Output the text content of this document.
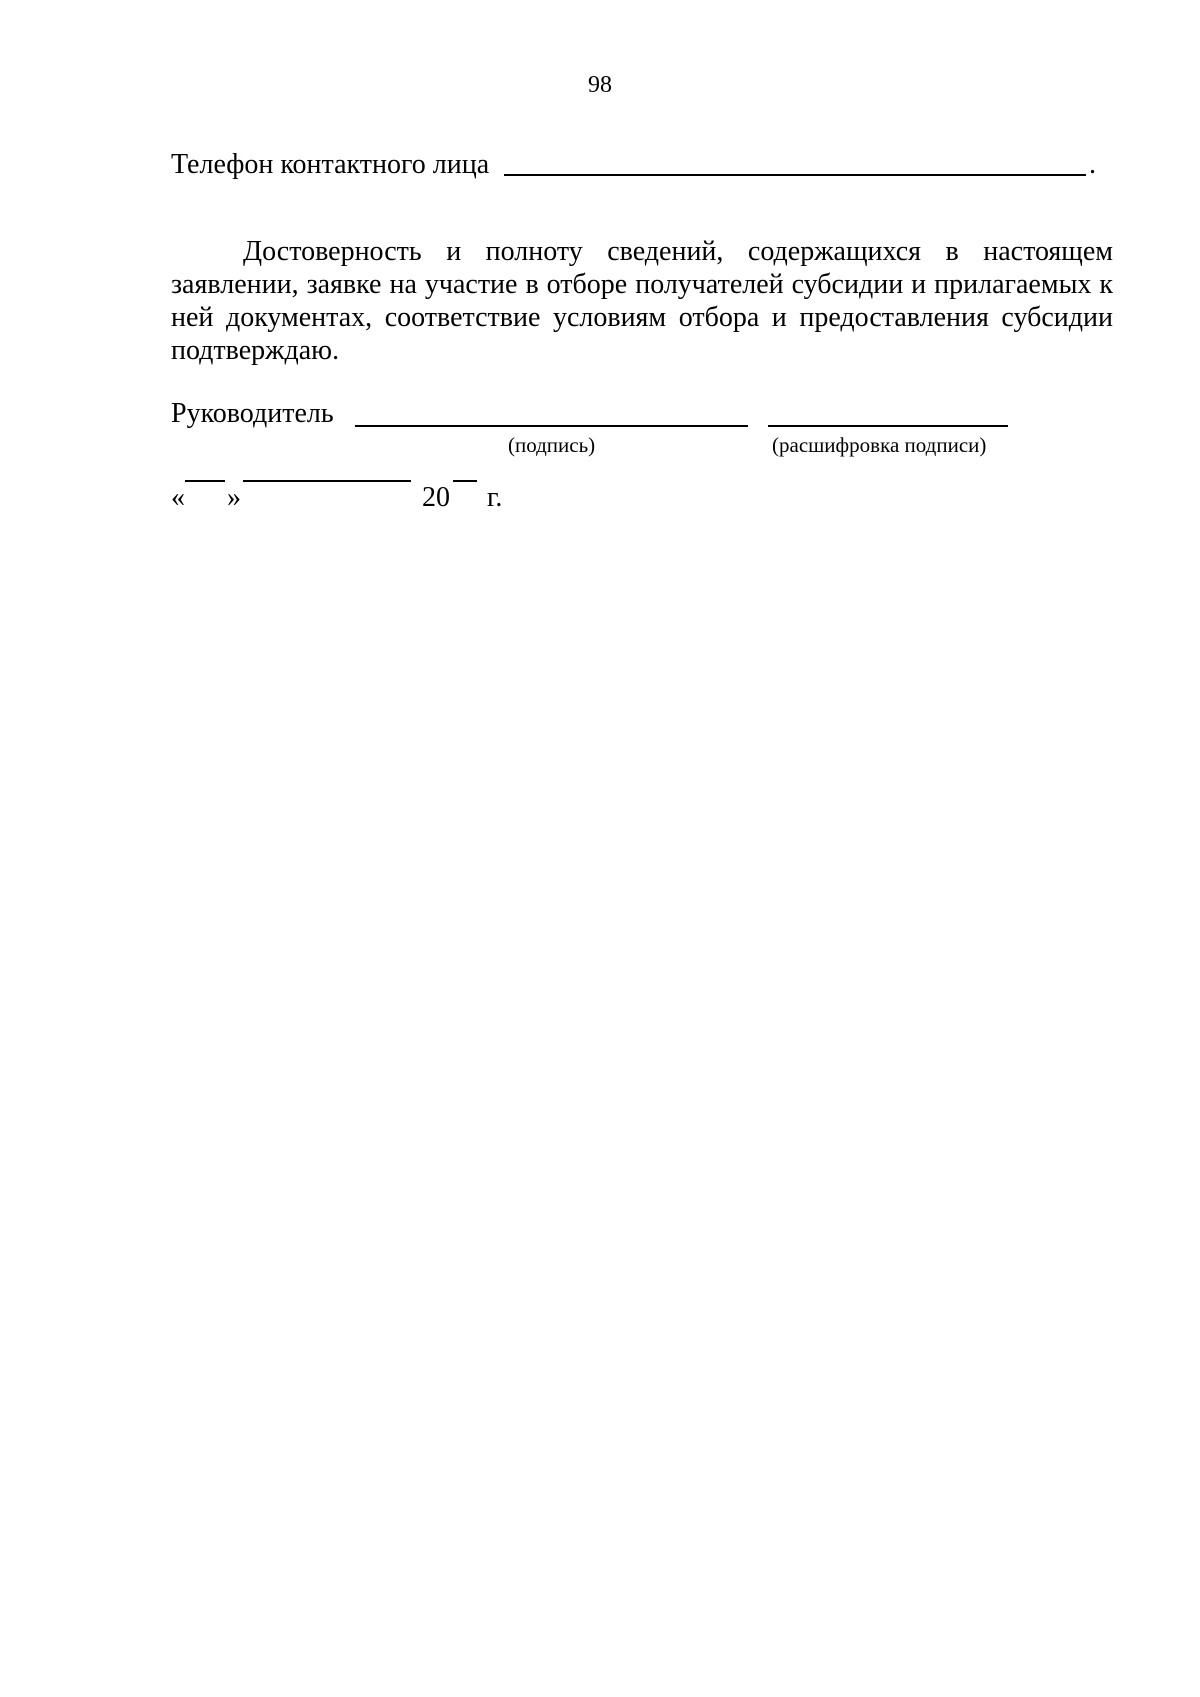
98
Телефон контактного лица	.

Достоверность и полноту сведений, содержащихся в настоящем заявлении, заявке на участие в отборе получателей субсидии и прилагаемых к ней документах, соответствие условиям отбора и предоставления субсидии подтверждаю.

Руководитель
(подпись)	(расшифровка подписи)
« »	20 г.
